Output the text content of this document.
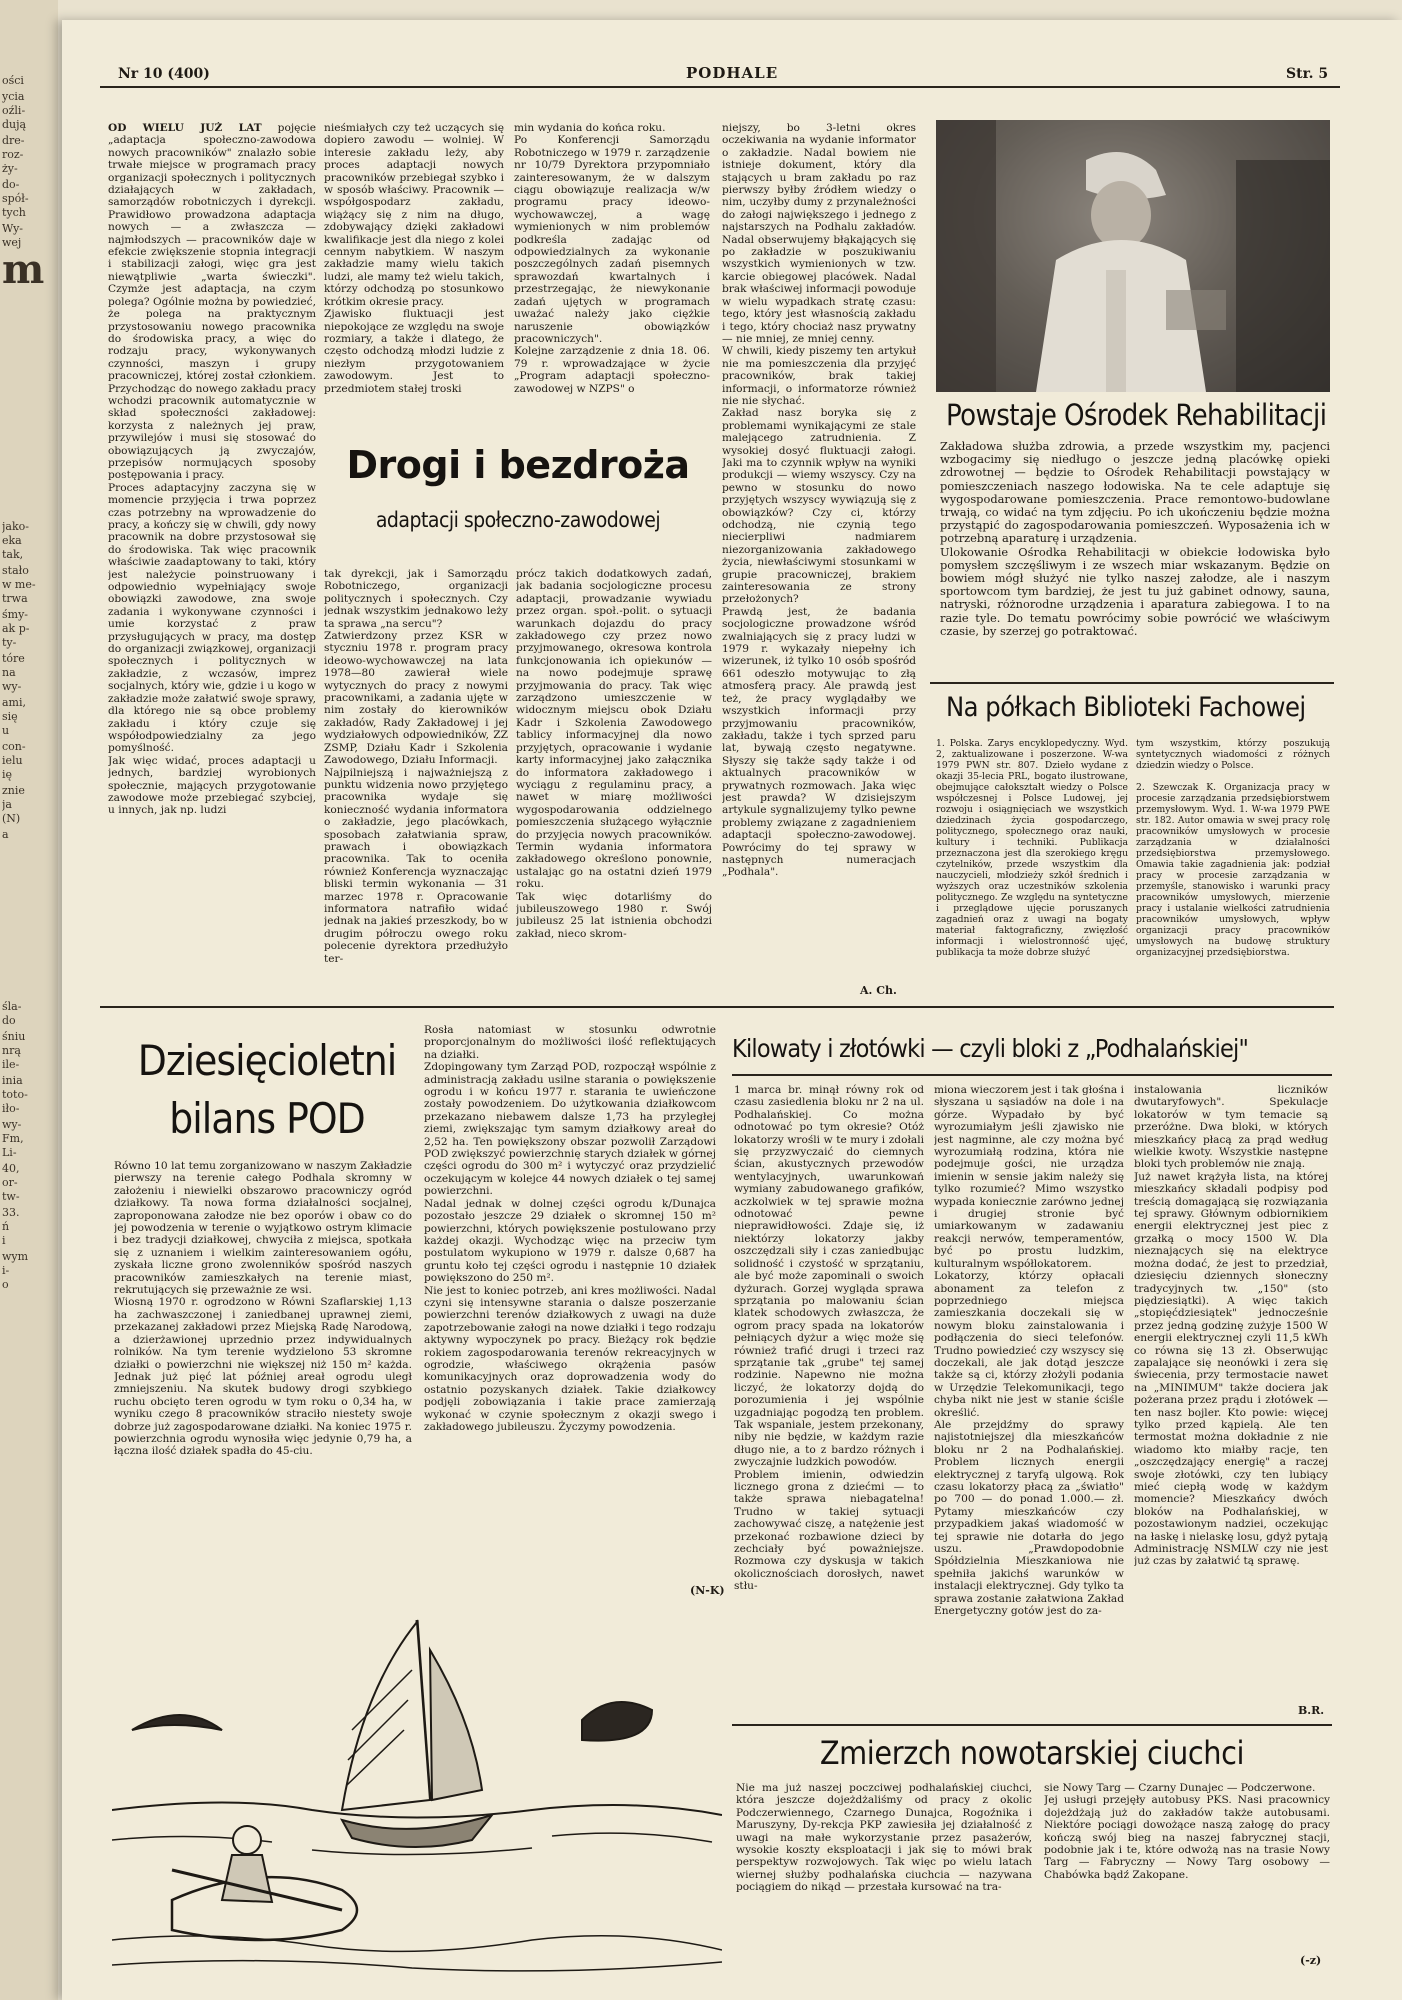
ości
ycia
oźli-
dują
dre-
roz-
ży-
do-
spół-
tych
Wy-
wej
m
jako-
eka
tak,
stało
w me-
trwa
śmy-
ak p-
ty-
tóre
na
wy-
ami,
się
u
con-
ielu
ię
znie
ja
(N)
a
śla-
do
śniu
nrą
ile-
inia
toto-
iło-
wy-
Fm,
Li-
40,
or-
tw-
33.
ń
i
wym
i-
o
Nr 10 (400)	PODHALE	Str. 5
OD WIELU JUŻ LAT pojęcie „adaptacja społeczno-zawodowa nowych pracowników" znalazło sobie trwałe miejsce w programach pracy organizacji społecznych i politycznych działających w zakładach, samorządów robotniczych i dyrekcji. Prawidłowo prowadzona adaptacja nowych — a zwłaszcza — najmłodszych — pracowników daje w efekcie zwiększenie stopnia integracji i stabilizacji załogi, więc gra jest niewątpliwie „warta świeczki". Czymże jest adaptacja, na czym polega? Ogólnie można by powiedzieć, że polega na praktycznym przystosowaniu nowego pracownika do środowiska pracy, a więc do rodzaju pracy, wykonywanych czynności, maszyn i grupy pracowniczej, której został członkiem. Przychodząc do nowego zakładu pracy wchodzi pracownik automatycznie w skład społeczności zakładowej: korzysta z należnych jej praw, przywilejów i musi się stosować do obowiązujących ją zwyczajów, przepisów normujących sposoby postępowania i pracy.
Proces adaptacyjny zaczyna się w momencie przyjęcia i trwa poprzez czas potrzebny na wprowadzenie do pracy, a kończy się w chwili, gdy nowy pracownik na dobre przystosował się do środowiska. Tak więc pracownik właściwie zaadaptowany to taki, który jest należycie poinstruowany i odpowiednio wypełniający swoje obowiązki zawodowe, zna swoje zadania i wykonywane czynności i umie korzystać z praw przysługujących w pracy, ma dostęp do organizacji związkowej, organizacji społecznych i politycznych w zakładzie, z wczasów, imprez socjalnych, który wie, gdzie i u kogo w zakładzie może załatwić swoje sprawy, dla którego nie są obce problemy zakładu i który czuje się współodpowiedzialny za jego pomyślność.
Jak więc widać, proces adaptacji u jednych, bardziej wyrobionych społecznie, mających przygotowanie zawodowe może przebiegać szybciej, u innych, jak np. ludzi
nieśmiałych czy też uczących się dopiero zawodu — wolniej. W interesie zakładu leży, aby proces adaptacji nowych pracowników przebiegał szybko i w sposób właściwy. Pracownik — współgospodarz zakładu, wiążący się z nim na długo, zdobywający dzięki zakładowi kwalifikacje jest dla niego z kolei cennym nabytkiem. W naszym zakładzie mamy wielu takich ludzi, ale mamy też wielu takich, którzy odchodzą po stosunkowo krótkim okresie pracy.
Zjawisko fluktuacji jest niepokojące ze względu na swoje rozmiary, a także i dlatego, że często odchodzą młodzi ludzie z niezłym przygotowaniem zawodowym. Jest to przedmiotem stałej troski
min wydania do końca roku.
Po Konferencji Samorządu Robotniczego w 1979 r. zarządzenie nr 10/79 Dyrektora przypomniało zainteresowanym, że w dalszym ciągu obowiązuje realizacja w/w programu pracy ideowo-wychowawczej, a wagę wymienionych w nim problemów podkreśla zadając od odpowiedzialnych za wykonanie poszczególnych zadań pisemnych sprawozdań kwartalnych i przestrzegając, że niewykonanie zadań ujętych w programach uważać należy jako ciężkie naruszenie obowiązków pracowniczych".
Kolejne zarządzenie z dnia 18. 06. 79 r. wprowadzające w życie „Program adaptacji społeczno-zawodowej w NZPS" o
niejszy, bo 3-letni okres oczekiwania na wydanie informator o zakładzie. Nadal bowiem nie istnieje dokument, który dla stających u bram zakładu po raz pierwszy byłby źródłem wiedzy o nim, uczyłby dumy z przynależności do załogi największego i jednego z najstarszych na Podhalu zakładów. Nadal obserwujemy błąkających się po zakładzie w poszukiwaniu wszystkich wymienionych w tzw. karcie obiegowej placówek. Nadal brak właściwej informacji powoduje w wielu wypadkach stratę czasu: tego, który jest własnością zakładu i tego, który chociaż nasz prywatny — nie mniej, ze mniej cenny.
W chwili, kiedy piszemy ten artykuł nie ma pomieszczenia dla przyjęć pracowników, brak takiej informacji, o informatorze również nie nie słychać.
Zakład nasz boryka się z problemami wynikającymi ze stale malejącego zatrudnienia. Z wysokiej dosyć fluktuacji załogi. Jaki ma to czynnik wpływ na wyniki produkcji — wiemy wszyscy. Czy na pewno w stosunku do nowo przyjętych wszyscy wywiązują się z obowiązków? Czy ci, którzy odchodzą, nie czynią tego niecierpliwi nadmiarem niezorganizowania zakładowego życia, niewłaściwymi stosunkami w grupie pracowniczej, brakiem zainteresowania ze strony przełożonych?
Prawdą jest, że badania socjologiczne prowadzone wśród zwalniających się z pracy ludzi w 1979 r. wykazały niepełny ich wizerunek, iż tylko 10 osób spośród 661 odeszło motywując to złą atmosferą pracy. Ale prawdą jest też, że pracy wyglądałby we wszystkich informacji przy przyjmowaniu pracowników, zakładu, także i tych sprzed paru lat, bywają często negatywne. Słyszy się także sądy także i od aktualnych pracowników w prywatnych rozmowach. Jaka więc jest prawda? W dzisiejszym artykule sygnalizujemy tylko pewne problemy związane z zagadnieniem adaptacji społeczno-zawodowej. Powrócimy do tej sprawy w następnych numeracjach „Podhala".
Drogi i bezdroża
adaptacji społeczno-zawodowej
tak dyrekcji, jak i Samorządu Robotniczego, organizacji politycznych i społecznych. Czy jednak wszystkim jednakowo leży ta sprawa „na sercu"?
Zatwierdzony przez KSR w styczniu 1978 r. program pracy ideowo-wychowawczej na lata 1978—80 zawierał wiele wytycznych do pracy z nowymi pracownikami, a zadania ujęte w nim zostały do kierowników zakładów, Rady Zakładowej i jej wydziałowych odpowiedników, ZZ ZSMP, Działu Kadr i Szkolenia Zawodowego, Działu Informacji.
Najpilniejszą i najważniejszą z punktu widzenia nowo przyjętego pracownika wydaje się konieczność wydania informatora o zakładzie, jego placówkach, sposobach załatwiania spraw, prawach i obowiązkach pracownika. Tak to oceniła również Konferencja wyznaczając bliski termin wykonania — 31 marzec 1978 r. Opracowanie informatora natrafiło widać jednak na jakieś przeszkody, bo w drugim półroczu owego roku polecenie dyrektora przedłużyło ter-
prócz takich dodatkowych zadań, jak badania socjologiczne procesu adaptacji, prowadzanie wywiadu przez organ. społ.-polit. o sytuacji warunkach dojazdu do pracy zakładowego czy przez nowo przyjmowanego, okresowa kontrola funkcjonowania ich opiekunów — na nowo podejmuje sprawę przyjmowania do pracy. Tak więc zarządzono umieszczenie w widocznym miejscu obok Działu Kadr i Szkolenia Zawodowego tablicy informacyjnej dla nowo przyjętych, opracowanie i wydanie karty informacyjnej jako załącznika do informatora zakładowego i wyciągu z regulaminu pracy, a nawet w miarę możliwości wygospodarowania oddzielnego pomieszczenia służącego wyłącznie do przyjęcia nowych pracowników. Termin wydania informatora zakładowego określono ponownie, ustalając go na ostatni dzień 1979 roku.
Tak więc dotarliśmy do jubileuszowego 1980 r. Swój jubileusz 25 lat istnienia obchodzi zakład, nieco skrom-
A. Ch.
Powstaje Ośrodek Rehabilitacji
Zakładowa służba zdrowia, a przede wszystkim my, pacjenci wzbogacimy się niedługo o jeszcze jedną placówkę opieki zdrowotnej — będzie to Ośrodek Rehabilitacji powstający w pomieszczeniach naszego łodowiska. Na te cele adaptuje się wygospodarowane pomieszczenia. Prace remontowo-budowlane trwają, co widać na tym zdjęciu. Po ich ukończeniu będzie można przystąpić do zagospodarowania pomieszczeń. Wyposażenia ich w potrzebną aparaturę i urządzenia.
Ulokowanie Ośrodka Rehabilitacji w obiekcie łodowiska było pomysłem szczęśliwym i ze wszech miar wskazanym. Będzie on bowiem mógł służyć nie tylko naszej załodze, ale i naszym sportowcom tym bardziej, że jest tu już gabinet odnowy, sauna, natryski, różnorodne urządzenia i aparatura zabiegowa. I to na razie tyle. Do tematu powrócimy sobie powrócić we właściwym czasie, by szerzej go potraktować.
Na półkach Biblioteki Fachowej
1. Polska. Zarys encyklopedyczny. Wyd. 2, zaktualizowane i poszerzone. W-wa 1979 PWN str. 807. Dzieło wydane z okazji 35-lecia PRL, bogato ilustrowane, obejmujące całokształt wiedzy o Polsce współczesnej i Polsce Ludowej, jej rozwoju i osiągnięciach we wszystkich dziedzinach życia gospodarczego, politycznego, społecznego oraz nauki, kultury i techniki. Publikacja przeznaczona jest dla szerokiego kręgu czytelników, przede wszystkim dla nauczycieli, młodzieży szkół średnich i wyższych oraz uczestników szkolenia politycznego. Ze względu na syntetyczne i przeglądowe ujęcie poruszanych zagadnień oraz z uwagi na bogaty materiał faktograficzny, zwięzłość informacji i wielostronność ujęć, publikacja ta może dobrze służyć
tym wszystkim, którzy poszukują syntetycznych wiadomości z różnych dziedzin wiedzy o Polsce.

2. Szewczak K. Organizacja pracy w procesie zarządzania przedsiębiorstwem przemysłowym. Wyd. 1. W-wa 1979 PWE str. 182. Autor omawia w swej pracy rolę pracowników umysłowych w procesie zarządzania w działalności przedsiębiorstwa przemysłowego. Omawia takie zagadnienia jak: podział pracy w procesie zarządzania w przemyśle, stanowisko i warunki pracy pracowników umysłowych, mierzenie pracy i ustalanie wielkości zatrudnienia pracowników umysłowych, wpływ organizacji pracy pracowników umysłowych na budowę struktury organizacyjnej przedsiębiorstwa.
Dziesięcioletni
bilans POD
Równo 10 lat temu zorganizowano w naszym Zakładzie pierwszy na terenie całego Podhala skromny w założeniu i niewielki obszarowo pracowniczy ogród działkowy. Ta nowa forma działalności socjalnej, zaproponowana załodze nie bez oporów i obaw co do jej powodzenia w terenie o wyjątkowo ostrym klimacie i bez tradycji działkowej, chwyciła z miejsca, spotkała się z uznaniem i wielkim zainteresowaniem ogółu, zyskała liczne grono zwolenników spośród naszych pracowników zamieszkałych na terenie miast, rekrutujących się przeważnie ze wsi.
Wiosną 1970 r. ogrodzono w Równi Szaflarskiej 1,13 ha zachwaszczonej i zaniedbanej uprawnej ziemi, przekazanej zakładowi przez Miejską Radę Narodową, a dzierżawionej uprzednio przez indywidualnych rolników. Na tym terenie wydzielono 53 skromne działki o powierzchni nie większej niż 150 m² każda. Jednak już pięć lat później areał ogrodu uległ zmniejszeniu. Na skutek budowy drogi szybkiego ruchu obcięto teren ogrodu w tym roku o 0,34 ha, w wyniku czego 8 pracowników straciło niestety swoje dobrze już zagospodarowane działki. Na koniec 1975 r. powierzchnia ogrodu wynosiła więc jedynie 0,79 ha, a łączna ilość działek spadła do 45-ciu.
Rosła natomiast w stosunku odwrotnie proporcjonalnym do możliwości ilość reflektujących na działki.
Zdopingowany tym Zarząd POD, rozpoczął wspólnie z administracją zakładu usilne starania o powiększenie ogrodu i w końcu 1977 r. starania te uwieńczone zostały powodzeniem. Do użytkowania działkowcom przekazano niebawem dalsze 1,73 ha przyległej ziemi, zwiększając tym samym działkowy areał do 2,52 ha. Ten powiększony obszar pozwolił Zarządowi POD zwiększyć powierzchnię starych działek w górnej części ogrodu do 300 m² i wytyczyć oraz przydzielić oczekującym w kolejce 44 nowych działek o tej samej powierzchni.
Nadal jednak w dolnej części ogrodu k/Dunajca pozostało jeszcze 29 działek o skromnej 150 m² powierzchni, których powiększenie postulowano przy każdej okazji. Wychodząc więc na przeciw tym postulatom wykupiono w 1979 r. dalsze 0,687 ha gruntu koło tej części ogrodu i następnie 10 działek powiększono do 250 m².
Nie jest to koniec potrzeb, ani kres możliwości. Nadal czyni się intensywne starania o dalsze poszerzanie powierzchni terenów działkowych z uwagi na duże zapotrzebowanie załogi na nowe działki i tego rodzaju aktywny wypoczynek po pracy. Bieżący rok będzie rokiem zagospodarowania terenów rekreacyjnych w ogrodzie, właściwego okrążenia pasów komunikacyjnych oraz doprowadzenia wody do ostatnio pozyskanych działek. Takie działkowcy podjęli zobowiązania i takie prace zamierzają wykonać w czynie społecznym z okazji swego i zakładowego jubileuszu. Życzymy powodzenia.
(N-K)
Kilowaty i złotówki — czyli bloki z „Podhalańskiej"
1 marca br. minął równy rok od czasu zasiedlenia bloku nr 2 na ul. Podhalańskiej. Co można odnotować po tym okresie? Otóż lokatorzy wrośli w te mury i zdołali się przyzwyczaić do ciemnych ścian, akustycznych przewodów wentylacyjnych, uwarunkowań wymiany zabudowanego grafików, aczkolwiek w tej sprawie można odnotować pewne nieprawidłowości. Zdaje się, iż niektórzy lokatorzy jakby oszczędzali siły i czas zaniedbując solidność i czystość w sprzątaniu, ale być może zapominali o swoich dyżurach. Gorzej wygląda sprawa sprzątania po malowaniu ścian klatek schodowych zwłaszcza, że ogrom pracy spada na lokatorów pełniących dyżur a więc może się również trafić drugi i trzeci raz sprzątanie tak „grube" tej samej rodzinie. Napewno nie można liczyć, że lokatorzy dojdą do porozumienia i jej wspólnie uzgadniając pogodzą ten problem. Tak wspaniale, jestem przekonany, niby nie będzie, w każdym razie długo nie, a to z bardzo różnych i zwyczajnie ludzkich powodów.
Problem imienin, odwiedzin licznego grona z dziećmi — to także sprawa niebagatelna! Trudno w takiej sytuacji zachowywać ciszę, a natężenie jest przekonać rozbawione dzieci by zechciały być poważniejsze. Rozmowa czy dyskusja w takich okolicznościach dorosłych, nawet stłu-
miona wieczorem jest i tak głośna i słyszana u sąsiadów na dole i na górze. Wypadało by być wyrozumiałym jeśli zjawisko nie jest nagminne, ale czy można być wyrozumiałą rodzina, która nie podejmuje gości, nie urządza imienin w sensie jakim należy się tylko rozumieć? Mimo wszystko wypada koniecznie zarówno jednej i drugiej stronie być umiarkowanym w zadawaniu reakcji nerwów, temperamentów, być po prostu ludzkim, kulturalnym współlokatorem.
Lokatorzy, którzy opłacali abonament za telefon z poprzedniego miejsca zamieszkania doczekali się w nowym bloku zainstalowania i podłączenia do sieci telefonów. Trudno powiedzieć czy wszyscy się doczekali, ale jak dotąd jeszcze także są ci, którzy złożyli podania w Urzędzie Telekomunikacji, tego chyba nikt nie jest w stanie ściśle określić.
Ale przejdźmy do sprawy najistotniejszej dla mieszkańców bloku nr 2 na Podhalańskiej. Problem licznych energii elektrycznej z taryfą ulgową. Rok czasu lokatorzy płacą za „światło" po 700 — do ponad 1.000.— zł. Pytamy mieszkańców czy przypadkiem jakaś wiadomość w tej sprawie nie dotarła do jego uszu. „Prawdopodobnie Spółdzielnia Mieszkaniowa nie spełniła jakichś warunków w instalacji elektrycznej. Gdy tylko ta sprawa zostanie załatwiona Zakład Energetyczny gotów jest do za-
instalowania liczników dwutaryfowych". Spekulacje lokatorów w tym temacie są przeróżne. Dwa bloki, w których mieszkańcy płacą za prąd według wielkie kwoty. Wszystkie następne bloki tych problemów nie znają.
Już nawet krążyła lista, na której mieszkańcy składali podpisy pod treścią domagającą się rozwiązania tej sprawy. Głównym odbiornikiem energii elektrycznej jest piec z grzałką o mocy 1500 W. Dla nieznających się na elektryce można dodać, że jest to przedział, dziesięciu dziennych słoneczny tradycyjnych tw. „150" (sto piędziesiątki). A więc takich „stopięćdziesiątek" jednocześnie przez jedną godzinę zużyje 1500 W energii elektrycznej czyli 11,5 kWh co równa się 13 zł. Obserwując zapalające się neonówki i zera się świecenia, przy termostacie nawet na „MINIMUM" także dociera jak pożerana przez prądu i złotówek — ten nasz bojler. Kto powie: więcej tylko przed kąpielą. Ale ten termostat można dokładnie z nie wiadomo kto miałby racje, ten „oszczędzający energię" a raczej swoje złotówki, czy ten lubiący mieć ciepłą wodę w każdym momencie? Mieszkańcy dwóch bloków na Podhalańskiej, w pozostawionym nadziei, oczekując na łaskę i nielaskę losu, gdyż pytają Administrację NSMLW czy nie jest już czas by załatwić tą sprawę.
B.R.
Zmierzch nowotarskiej ciuchci
Nie ma już naszej poczciwej podhalańskiej ciuchci, która jeszcze dojeżdżaliśmy od pracy z okolic Podczerwiennego, Czarnego Dunajca, Rogoźnika i Maruszyny, Dy-rekcja PKP zawiesiła jej działalność z uwagi na małe wykorzystanie przez pasażerów, wysokie koszty eksploatacji i jak się to mówi brak perspektyw rozwojowych. Tak więc po wielu latach wiernej służby podhalańska ciuchcia — nazywana pociągiem do nikąd — przestała kursować na tra-
sie Nowy Targ — Czarny Dunajec — Podczerwone.
Jej usługi przejęły autobusy PKS. Nasi pracownicy dojeżdżają już do zakładów także autobusami. Niektóre pociągi dowożące naszą załogę do pracy kończą swój bieg na naszej fabrycznej stacji, podobnie jak i te, które odwożą nas na trasie Nowy Targ — Fabryczny — Nowy Targ osobowy — Chabówka bądź Zakopane.
(-z)
